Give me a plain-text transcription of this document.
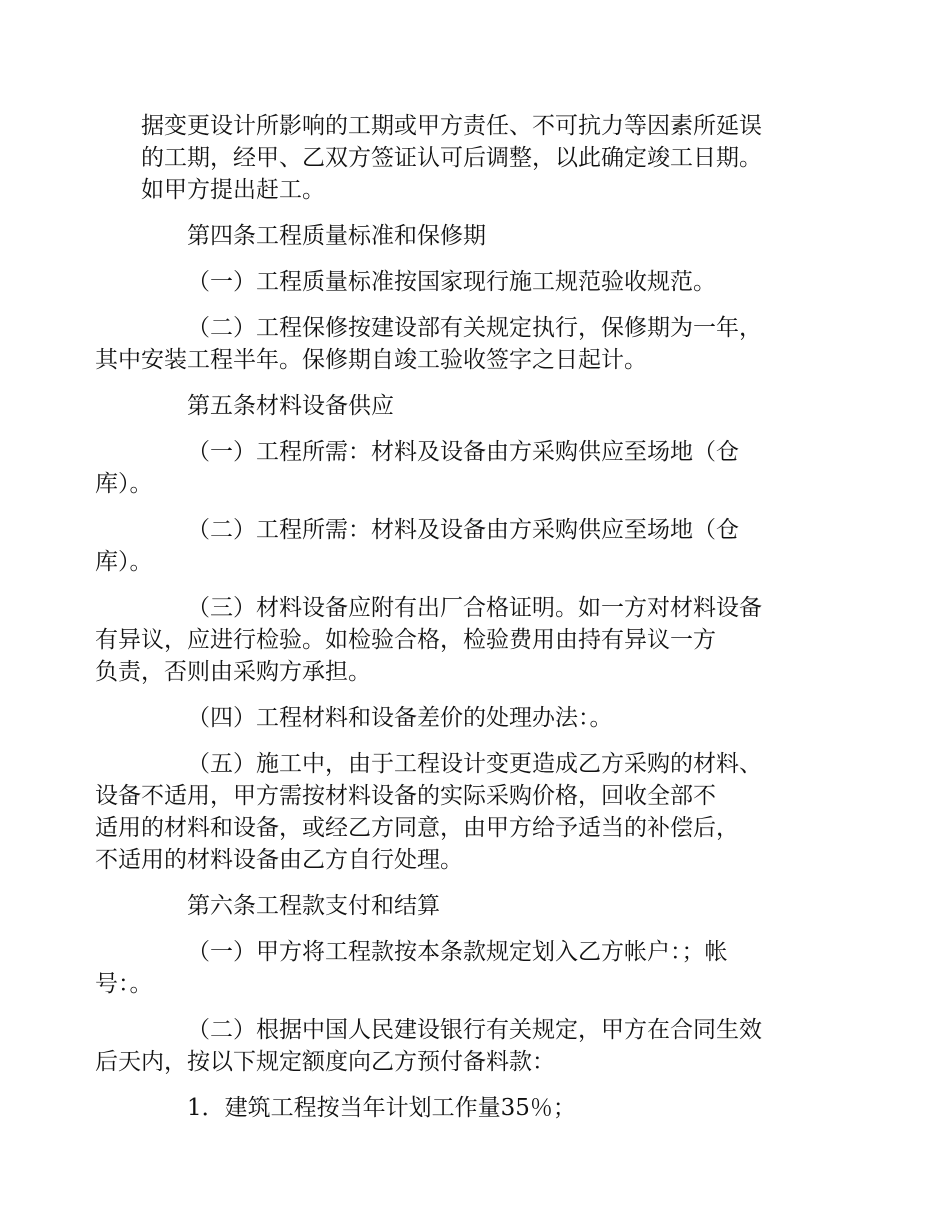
据变更设计所影响的工期或甲方责任、不可抗力等因素所延误
的工期，经甲、乙双方签证认可后调整，以此确定竣工日期。
如甲方提出赶工。
第四条工程质量标准和保修期
（一）工程质量标准按国家现行施工规范验收规范。
（二）工程保修按建设部有关规定执行，保修期为一年，
其中安装工程半年。保修期自竣工验收签字之日起计。
第五条材料设备供应
（一）工程所需：材料及设备由方采购供应至场地（仓
库）。
（二）工程所需：材料及设备由方采购供应至场地（仓
库）。
（三）材料设备应附有出厂合格证明。如一方对材料设备
有异议，应进行检验。如检验合格，检验费用由持有异议一方
负责，否则由采购方承担。
（四）工程材料和设备差价的处理办法：。
（五）施工中，由于工程设计变更造成乙方采购的材料、
设备不适用，甲方需按材料设备的实际采购价格，回收全部不
适用的材料和设备，或经乙方同意，由甲方给予适当的补偿后，
不适用的材料设备由乙方自行处理。
第六条工程款支付和结算
（一）甲方将工程款按本条款规定划入乙方帐户：；帐
号：。
（二）根据中国人民建设银行有关规定，甲方在合同生效
后天内，按以下规定额度向乙方预付备料款：
1．建筑工程按当年计划工作量35％；
